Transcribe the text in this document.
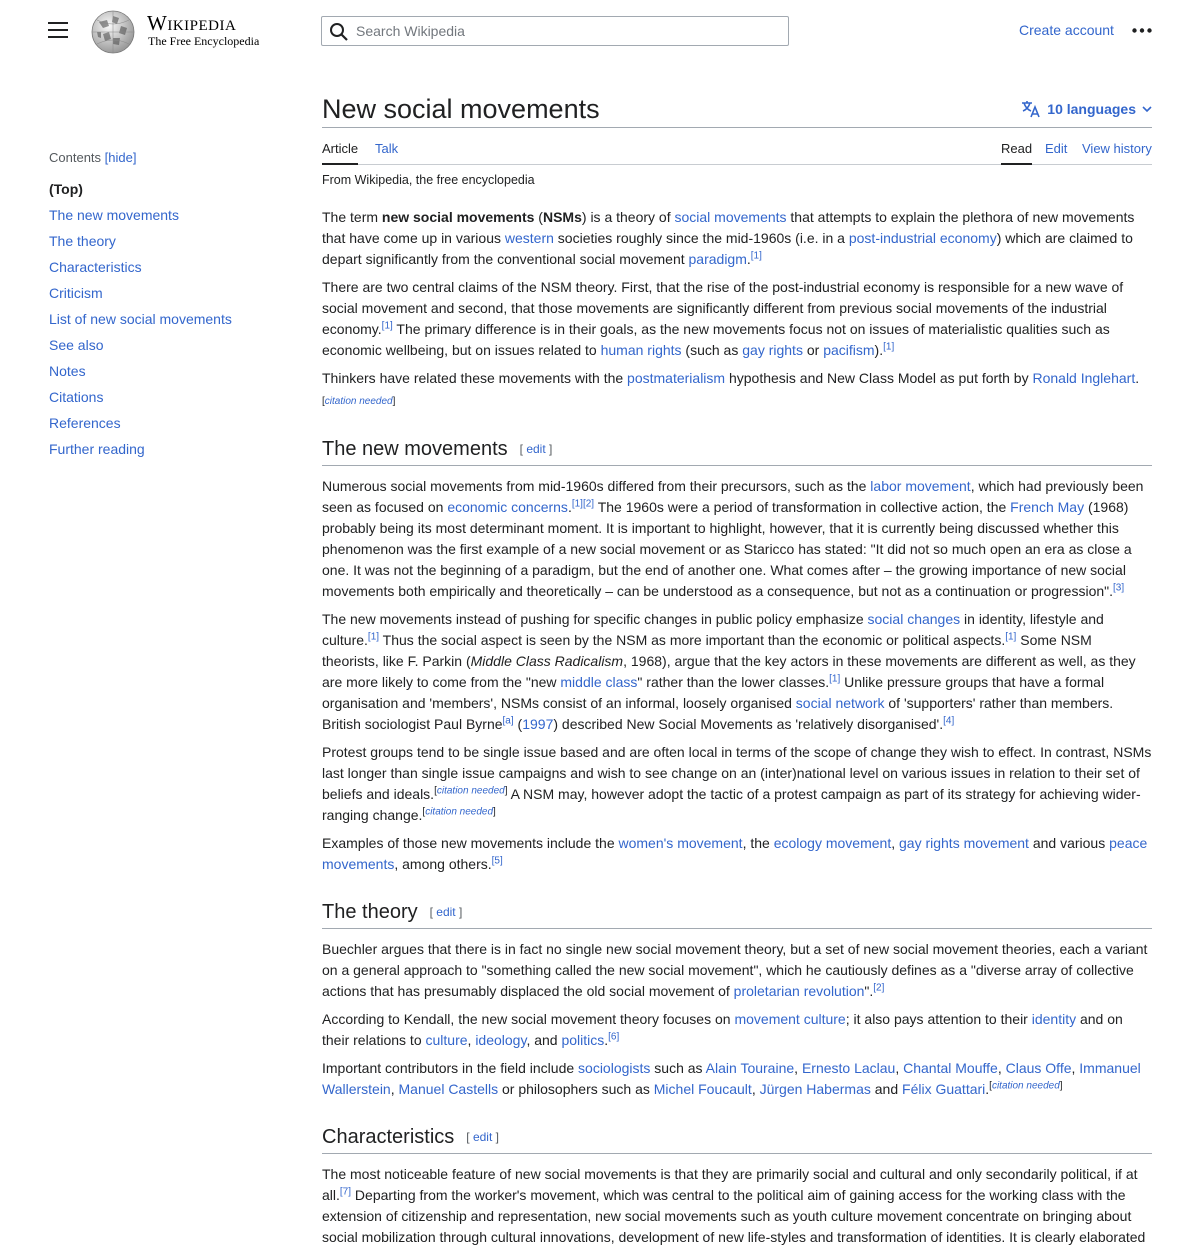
Wikipedia
The Free Encyclopedia
Search Wikipedia
Create account
Contents [hide]
(Top)
The new movements
The theory
Characteristics
Criticism
List of new social movements
See also
Notes
Citations
References
Further reading
New social movements	10 languages
Article Talk	Read Edit View history
From Wikipedia, the free encyclopedia

The term new social movements (NSMs) is a theory of social movements that attempts to explain the plethora of new movements that have come up in various western societies roughly since the mid-1960s (i.e. in a post-industrial economy) which are claimed to depart significantly from the conventional social movement paradigm.[1]

There are two central claims of the NSM theory. First, that the rise of the post-industrial economy is responsible for a new wave of social movement and second, that those movements are significantly different from previous social movements of the industrial economy.[1] The primary difference is in their goals, as the new movements focus not on issues of materialistic qualities such as economic wellbeing, but on issues related to human rights (such as gay rights or pacifism).[1]

Thinkers have related these movements with the postmaterialism hypothesis and New Class Model as put forth by Ronald Inglehart.
[citation needed]

The new movements [ edit ]

Numerous social movements from mid-1960s differed from their precursors, such as the labor movement, which had previously been seen as focused on economic concerns.[1][2] The 1960s were a period of transformation in collective action, the French May (1968) probably being its most determinant moment. It is important to highlight, however, that it is currently being discussed whether this phenomenon was the first example of a new social movement or as Staricco has stated: "It did not so much open an era as close a one. It was not the beginning of a paradigm, but the end of another one. What comes after – the growing importance of new social movements both empirically and theoretically – can be understood as a consequence, but not as a continuation or progression".[3]

The new movements instead of pushing for specific changes in public policy emphasize social changes in identity, lifestyle and culture.[1] Thus the social aspect is seen by the NSM as more important than the economic or political aspects.[1] Some NSM theorists, like F. Parkin (Middle Class Radicalism, 1968), argue that the key actors in these movements are different as well, as they are more likely to come from the "new middle class" rather than the lower classes.[1] Unlike pressure groups that have a formal organisation and 'members', NSMs consist of an informal, loosely organised social network of 'supporters' rather than members. British sociologist Paul Byrne[a] (1997) described New Social Movements as 'relatively disorganised'.[4]

Protest groups tend to be single issue based and are often local in terms of the scope of change they wish to effect. In contrast, NSMs last longer than single issue campaigns and wish to see change on an (inter)national level on various issues in relation to their set of beliefs and ideals.[citation needed] A NSM may, however adopt the tactic of a protest campaign as part of its strategy for achieving wider-ranging change.[citation needed]

Examples of those new movements include the women's movement, the ecology movement, gay rights movement and various peace movements, among others.[5]

The theory [ edit ]

Buechler argues that there is in fact no single new social movement theory, but a set of new social movement theories, each a variant on a general approach to "something called the new social movement", which he cautiously defines as a "diverse array of collective actions that has presumably displaced the old social movement of proletarian revolution".[2]

According to Kendall, the new social movement theory focuses on movement culture; it also pays attention to their identity and on their relations to culture, ideology, and politics.[6]

Important contributors in the field include sociologists such as Alain Touraine, Ernesto Laclau, Chantal Mouffe, Claus Offe, Immanuel Wallerstein, Manuel Castells or philosophers such as Michel Foucault, Jürgen Habermas and Félix Guattari.[citation needed]

Characteristics [ edit ]

The most noticeable feature of new social movements is that they are primarily social and cultural and only secondarily political, if at all.[7] Departing from the worker's movement, which was central to the political aim of gaining access for the working class with the extension of citizenship and representation, new social movements such as youth culture movement concentrate on bringing about social mobilization through cultural innovations, development of new life-styles and transformation of identities. It is clearly elaborated
